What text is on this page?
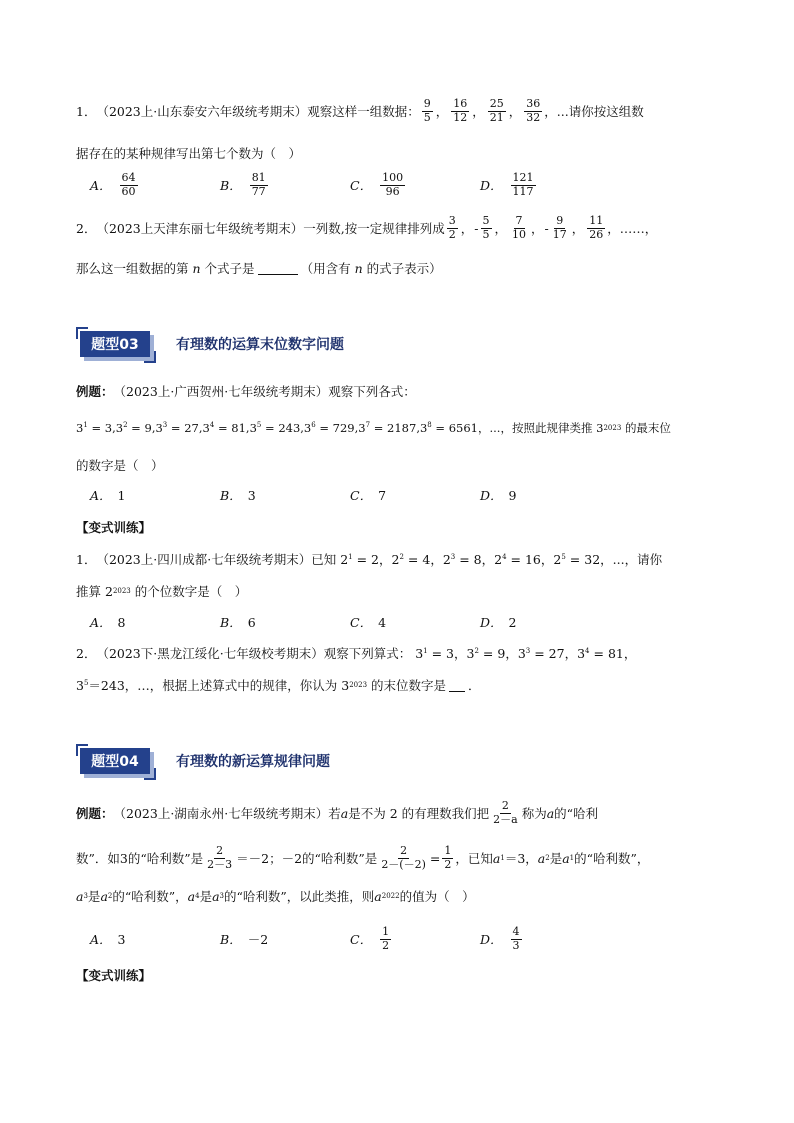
1． （2023上·山东泰安六年级统考期末）观察这样一组数据： $\frac{9}{5}$ ， $\frac{16}{12}$ ， $\frac{25}{21}$ ， $\frac{36}{32}$ ，...请你按这组数
据存在的某种规律写出第七个数为（　）
A． $\frac{64}{60}$	B． $\frac{81}{77}$	C． $\frac{100}{96}$	D． $\frac{121}{117}$
2． （2023上天津东丽七年级统考期末）一列数,按一定规律排列成 $\frac{3}{2}$ ， - $\frac{5}{5}$ ， $\frac{7}{10}$ ， - $\frac{9}{17}$ ， $\frac{11}{26}$ ，……，
那么这一组数据的第
n
个式子是	（用含有
n
的式子表示）
题型03	有理数的运算末位数字问题
例题： （2023上·广西贺州·七年级统考期末）观察下列各式：
$3^1 = 3$, $3^2 = 9$, $3^3 = 27$, $3^4 = 81$, $3^5 = 243$, $3^6 = 729$, $3^7 = 2187$, $3^8 = 6561$ ，...，按照此规律类推 3 2023
的最末位
的数字是（　）
A． 1	B． 3	C． 7	D． 9
【变式训练】
1． （2023上·四川成都·七年级统考期末）已知
$2^1 = 2$， $2^2 = 4$， $2^3 = 8$， $2^4 = 16$， $2^5 = 32$ ，...，请你
推算 2 2023
的个位数字是（　）
A． 8	B． 6	C． 4	D． 2
2． （2023下·黑龙江绥化·七年级校考期末）观察下列算式：
$3^1 = 3$， $3^2 = 9$， $3^3 = 27$， $3^4 = 81$，
$3^5 =243$，…，根据上述算式中的规律，你认为 3 2023
的末位数字是 ．
题型04	有理数的新运算规律问题
例题： （2023上·湖南永州·七年级统考期末）若 a 是不为 2 的有理数我们把 $\frac{2}{2-a}$ 称为 a 的“哈利
数”．如3的“哈利数”是 $\frac{2}{2-3} =-2$；－2的“哈利数”是 $\frac{2}{2-(-2)} = \frac{1}{2}$ ，已知 a 1 ＝3， a 2 是 a 1 的“哈利数”，
a 3 是 a 2 的“哈利数”， a 4 是 a 3 的“哈利数”，以此类推，则 a 2022 的值为（　）
A． 3	B． －2	C． $\frac{1}{2}$	D． $\frac{4}{3}$
【变式训练】
